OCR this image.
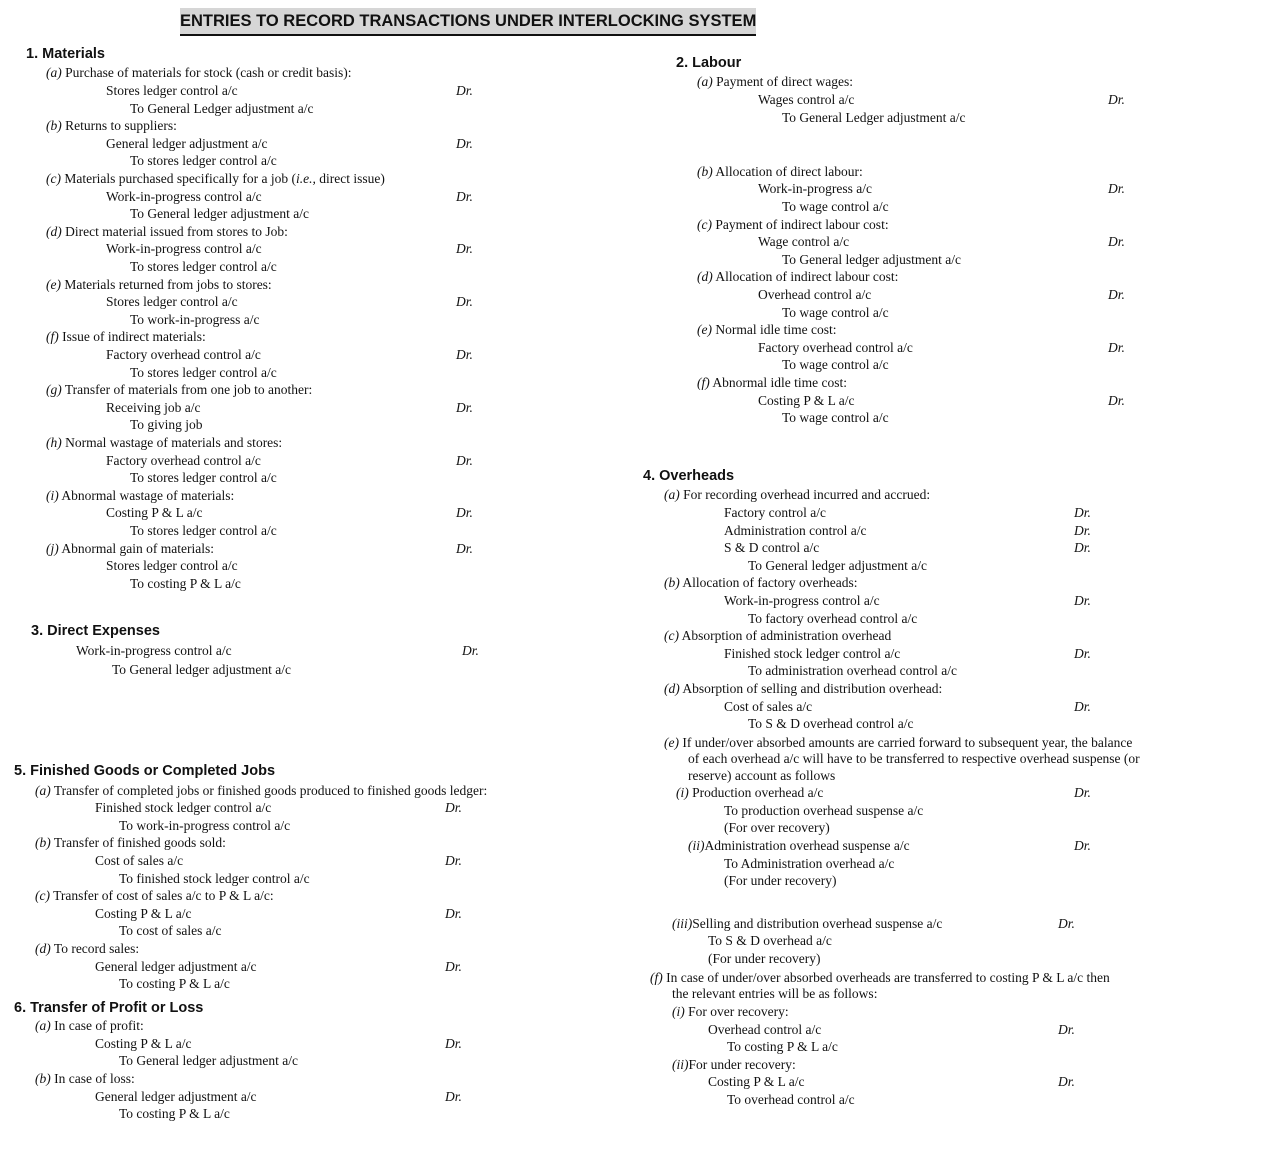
ENTRIES TO RECORD TRANSACTIONS UNDER INTERLOCKING SYSTEM
1. Materials
(a) Purchase of materials for stock (cash or credit basis):
Stores ledger control a/c	Dr.
To General Ledger adjustment a/c
(b) Returns to suppliers:
General ledger adjustment a/c	Dr.
To stores ledger control a/c
(c) Materials purchased specifically for a job (i.e., direct issue)
Work-in-progress control a/c	Dr.
To General ledger adjustment a/c
(d) Direct material issued from stores to Job:
Work-in-progress control a/c	Dr.
To stores ledger control a/c
(e) Materials returned from jobs to stores:
Stores ledger control a/c	Dr.
To work-in-progress a/c
(f) Issue of indirect materials:
Factory overhead control a/c	Dr.
To stores ledger control a/c
(g) Transfer of materials from one job to another:
Receiving job a/c	Dr.
To giving job
(h) Normal wastage of materials and stores:
Factory overhead control a/c	Dr.
To stores ledger control a/c
(i) Abnormal wastage of materials:
Costing P & L a/c	Dr.
To stores ledger control a/c
(j) Abnormal gain of materials:	Dr.
Stores ledger control a/c
To costing P & L a/c
3. Direct Expenses
Work-in-progress control a/c	Dr.
To General ledger adjustment a/c
5. Finished Goods or Completed Jobs
(a) Transfer of completed jobs or finished goods produced to finished goods ledger:
Finished stock ledger control a/c	Dr.
To work-in-progress control a/c
(b) Transfer of finished goods sold:
Cost of sales a/c	Dr.
To finished stock ledger control a/c
(c) Transfer of cost of sales a/c to P & L a/c:
Costing P & L a/c	Dr.
To cost of sales a/c
(d) To record sales:
General ledger adjustment a/c	Dr.
To costing P & L a/c
6. Transfer of Profit or Loss
(a) In case of profit:
Costing P & L a/c	Dr.
To General ledger adjustment a/c
(b) In case of loss:
General ledger adjustment a/c	Dr.
To costing P & L a/c
2. Labour
(a) Payment of direct wages:
Wages control a/c	Dr.
To General Ledger adjustment a/c
(b) Allocation of direct labour:
Work-in-progress a/c	Dr.
To wage control a/c
(c) Payment of indirect labour cost:
Wage control a/c	Dr.
To General ledger adjustment a/c
(d) Allocation of indirect labour cost:
Overhead control a/c	Dr.
To wage control a/c
(e) Normal idle time cost:
Factory overhead control a/c	Dr.
To wage control a/c
(f) Abnormal idle time cost:
Costing P & L a/c	Dr.
To wage control a/c
4. Overheads
(a) For recording overhead incurred and accrued:
Factory control a/c	Dr.
Administration control a/c	Dr.
S & D control a/c	Dr.
To General ledger adjustment a/c
(b) Allocation of factory overheads:
Work-in-progress control a/c	Dr.
To factory overhead control a/c
(c) Absorption of administration overhead
Finished stock ledger control a/c	Dr.
To administration overhead control a/c
(d) Absorption of selling and distribution overhead:
Cost of sales a/c	Dr.
To S & D overhead control a/c
(e) If under/over absorbed amounts are carried forward to subsequent year, the balance
of each overhead a/c will have to be transferred to respective overhead suspense (or
reserve) account as follows
(i) Production overhead a/c	Dr.
To production overhead suspense a/c
(For over recovery)
(ii)Administration overhead suspense a/c	Dr.
To Administration overhead a/c
(For under recovery)
(iii)Selling and distribution overhead suspense a/c	Dr.
To S & D overhead a/c
(For under recovery)
(f) In case of under/over absorbed overheads are transferred to costing P & L a/c then
the relevant entries will be as follows:
(i) For over recovery:
Overhead control a/c	Dr.
To costing P & L a/c
(ii)For under recovery:
Costing P & L a/c	Dr.
To overhead control a/c
